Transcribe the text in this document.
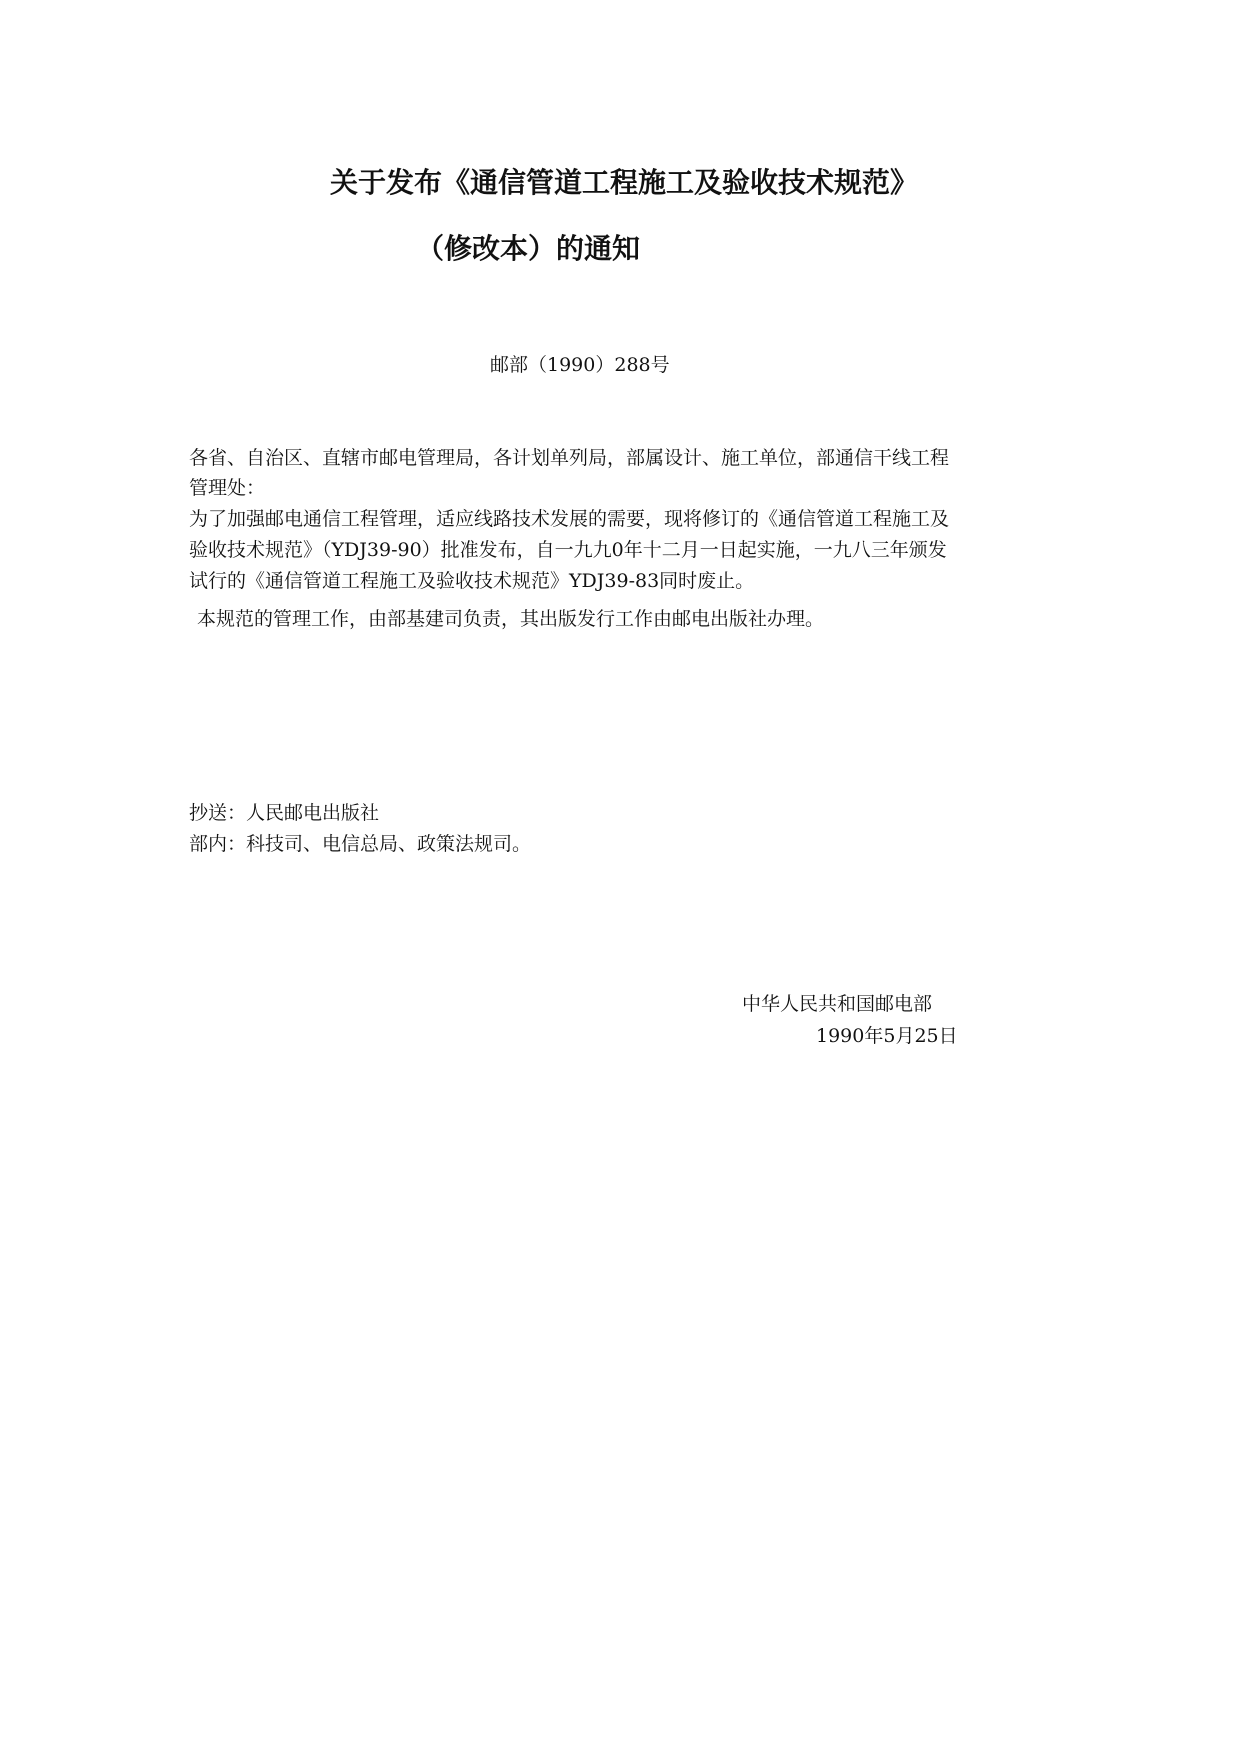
关于发布《通信管道工程施工及验收技术规范》
（修改本）的通知
邮部（1990）288号
各省、自治区、直辖市邮电管理局，各计划单列局，部属设计、施工单位，部通信干线工程
管理处：
为了加强邮电通信工程管理，适应线路技术发展的需要，现将修订的《通信管道工程施工及
验收技术规范》（YDJ39-90）批准发布，自一九九0年十二月一日起实施，一九八三年颁发
试行的《通信管道工程施工及验收技术规范》YDJ39-83同时废止。
本规范的管理工作，由部基建司负责，其出版发行工作由邮电出版社办理。
抄送：人民邮电出版社
部内：科技司、电信总局、政策法规司。
中华人民共和国邮电部
1990年5月25日
